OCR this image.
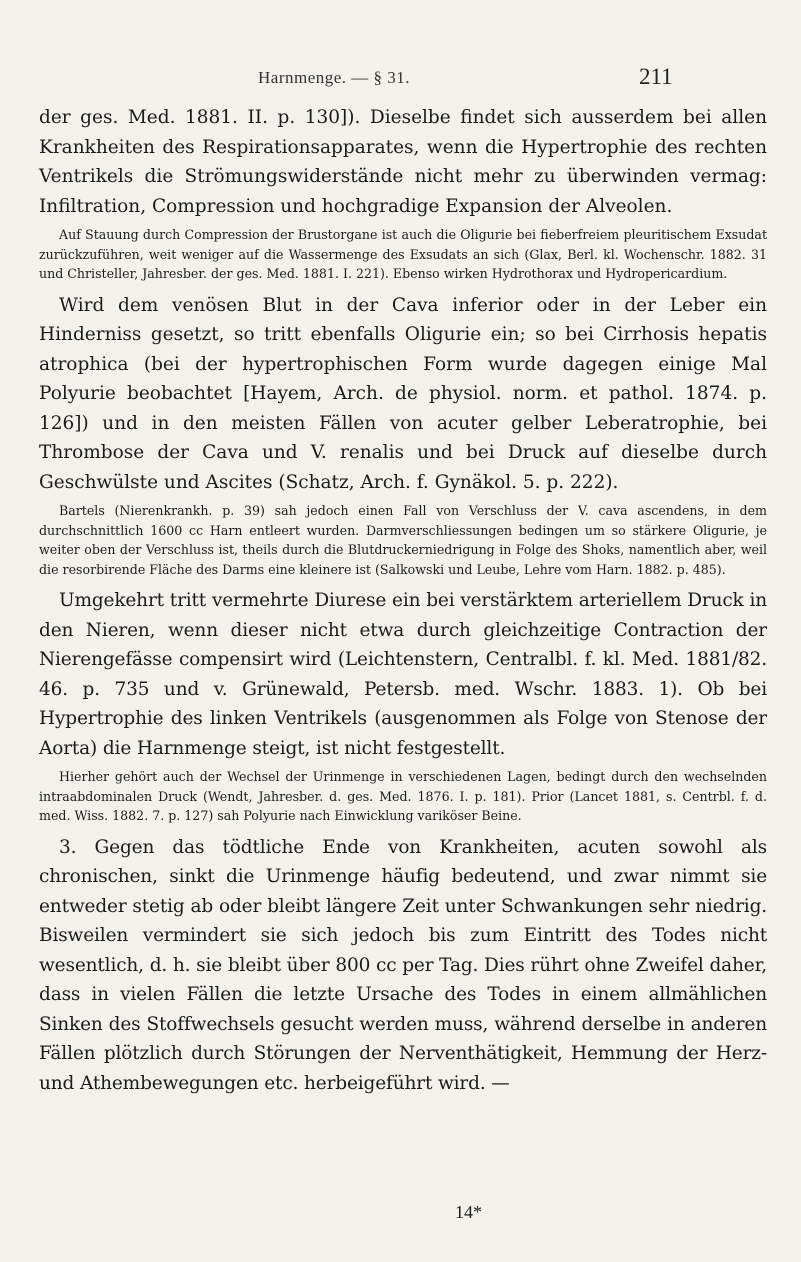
Harnmenge. — § 31.	211

der ges. Med. 1881. II. p. 130]). Dieselbe findet sich ausserdem bei allen Krankheiten des Respirationsapparates, wenn die Hypertrophie des rechten Ventrikels die Strömungswiderstände nicht mehr zu überwinden vermag: Infiltration, Compression und hochgradige Expansion der Alveolen.

Auf Stauung durch Compression der Brustorgane ist auch die Oligurie bei fieberfreiem pleuritischem Exsudat zurückzuführen, weit weniger auf die Wassermenge des Exsudats an sich (Glax, Berl. kl. Wochenschr. 1882. 31 und Christeller, Jahresber. der ges. Med. 1881. I. 221). Ebenso wirken Hydrothorax und Hydropericardium.

Wird dem venösen Blut in der Cava inferior oder in der Leber ein Hinderniss gesetzt, so tritt ebenfalls Oligurie ein; so bei Cirrhosis hepatis atrophica (bei der hypertrophischen Form wurde dagegen einige Mal Polyurie beobachtet [Hayem, Arch. de physiol. norm. et pathol. 1874. p. 126]) und in den meisten Fällen von acuter gelber Leberatrophie, bei Thrombose der Cava und V. renalis und bei Druck auf dieselbe durch Geschwülste und Ascites (Schatz, Arch. f. Gynäkol. 5. p. 222).

Bartels (Nierenkrankh. p. 39) sah jedoch einen Fall von Verschluss der V. cava ascendens, in dem durchschnittlich 1600 cc Harn entleert wurden. Darmverschliessungen bedingen um so stärkere Oligurie, je weiter oben der Verschluss ist, theils durch die Blutdruckerniedrigung in Folge des Shoks, namentlich aber, weil die resorbirende Fläche des Darms eine kleinere ist (Salkowski und Leube, Lehre vom Harn. 1882. p. 485).

Umgekehrt tritt vermehrte Diurese ein bei verstärktem arteriellem Druck in den Nieren, wenn dieser nicht etwa durch gleichzeitige Contraction der Nierengefässe compensirt wird (Leichtenstern, Centralbl. f. kl. Med. 1881/82. 46. p. 735 und v. Grünewald, Petersb. med. Wschr. 1883. 1). Ob bei Hypertrophie des linken Ventrikels (ausgenommen als Folge von Stenose der Aorta) die Harnmenge steigt, ist nicht festgestellt.

Hierher gehört auch der Wechsel der Urinmenge in verschiedenen Lagen, bedingt durch den wechselnden intraabdominalen Druck (Wendt, Jahresber. d. ges. Med. 1876. I. p. 181). Prior (Lancet 1881, s. Centrbl. f. d. med. Wiss. 1882. 7. p. 127) sah Polyurie nach Einwicklung variköser Beine.

3. Gegen das tödtliche Ende von Krankheiten, acuten sowohl als chronischen, sinkt die Urinmenge häufig bedeutend, und zwar nimmt sie entweder stetig ab oder bleibt längere Zeit unter Schwankungen sehr niedrig. Bisweilen vermindert sie sich jedoch bis zum Eintritt des Todes nicht wesentlich, d. h. sie bleibt über 800 cc per Tag. Dies rührt ohne Zweifel daher, dass in vielen Fällen die letzte Ursache des Todes in einem allmählichen Sinken des Stoffwechsels gesucht werden muss, während derselbe in anderen Fällen plötzlich durch Störungen der Nerventhätigkeit, Hemmung der Herz- und Athembewegungen etc. herbeigeführt wird. —

14*
